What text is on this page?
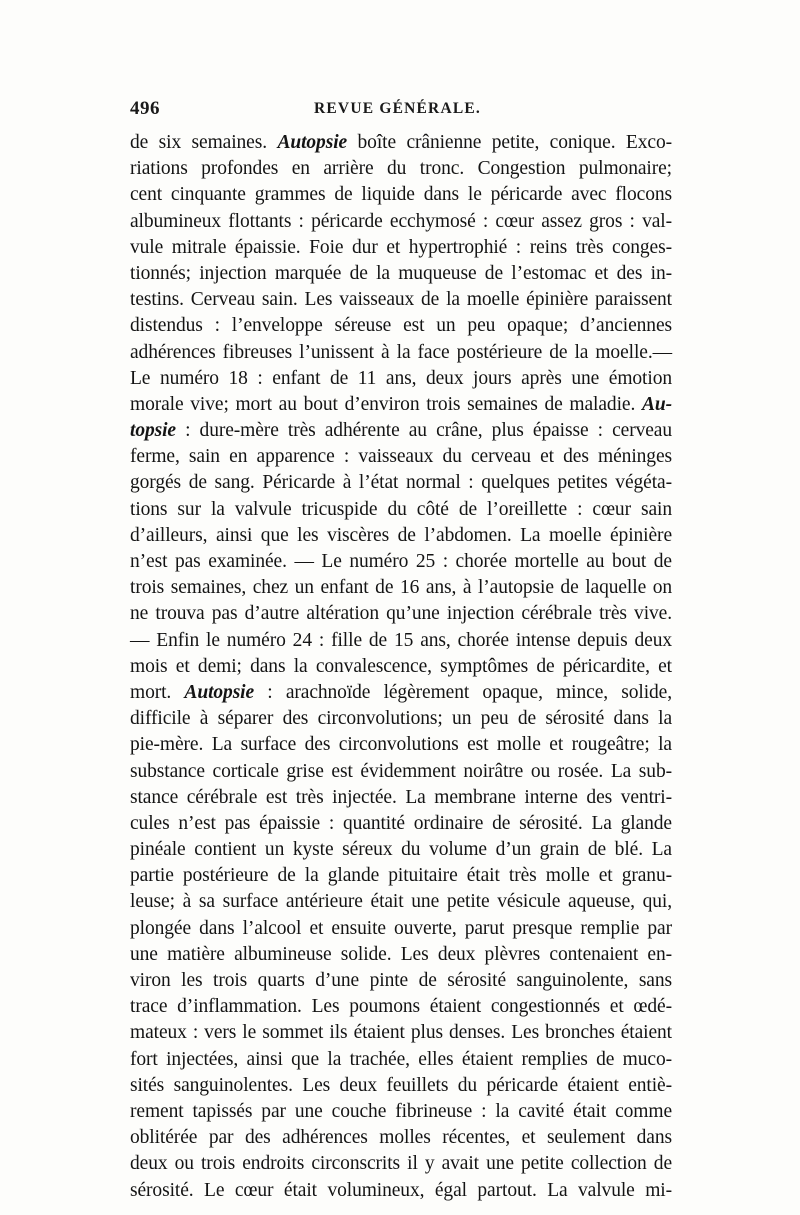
496	REVUE GÉNÉRALE.
de six semaines. Autopsie boîte crânienne petite, conique. Exco-
riations profondes en arrière du tronc. Congestion pulmonaire;
cent cinquante grammes de liquide dans le péricarde avec flocons
albumineux flottants : péricarde ecchymosé : cœur assez gros : val-
vule mitrale épaissie. Foie dur et hypertrophié : reins très conges-
tionnés; injection marquée de la muqueuse de l’estomac et des in-
testins. Cerveau sain. Les vaisseaux de la moelle épinière paraissent
distendus : l’enveloppe séreuse est un peu opaque; d’anciennes
adhérences fibreuses l’unissent à la face postérieure de la moelle.—
Le numéro 18 : enfant de 11 ans, deux jours après une émotion
morale vive; mort au bout d’environ trois semaines de maladie. Au-
topsie : dure-mère très adhérente au crâne, plus épaisse : cerveau
ferme, sain en apparence : vaisseaux du cerveau et des méninges
gorgés de sang. Péricarde à l’état normal : quelques petites végéta-
tions sur la valvule tricuspide du côté de l’oreillette : cœur sain
d’ailleurs, ainsi que les viscères de l’abdomen. La moelle épinière
n’est pas examinée. — Le numéro 25 : chorée mortelle au bout de
trois semaines, chez un enfant de 16 ans, à l’autopsie de laquelle on
ne trouva pas d’autre altération qu’une injection cérébrale très vive.
— Enfin le numéro 24 : fille de 15 ans, chorée intense depuis deux
mois et demi; dans la convalescence, symptômes de péricardite, et
mort. Autopsie : arachnoïde légèrement opaque, mince, solide,
difficile à séparer des circonvolutions; un peu de sérosité dans la
pie-mère. La surface des circonvolutions est molle et rougeâtre; la
substance corticale grise est évidemment noirâtre ou rosée. La sub-
stance cérébrale est très injectée. La membrane interne des ventri-
cules n’est pas épaissie : quantité ordinaire de sérosité. La glande
pinéale contient un kyste séreux du volume d’un grain de blé. La
partie postérieure de la glande pituitaire était très molle et granu-
leuse; à sa surface antérieure était une petite vésicule aqueuse, qui,
plongée dans l’alcool et ensuite ouverte, parut presque remplie par
une matière albumineuse solide. Les deux plèvres contenaient en-
viron les trois quarts d’une pinte de sérosité sanguinolente, sans
trace d’inflammation. Les poumons étaient congestionnés et œdé-
mateux : vers le sommet ils étaient plus denses. Les bronches étaient
fort injectées, ainsi que la trachée, elles étaient remplies de muco-
sités sanguinolentes. Les deux feuillets du péricarde étaient entiè-
rement tapissés par une couche fibrineuse : la cavité était comme
oblitérée par des adhérences molles récentes, et seulement dans
deux ou trois endroits circonscrits il y avait une petite collection de
sérosité. Le cœur était volumineux, égal partout. La valvule mi-
